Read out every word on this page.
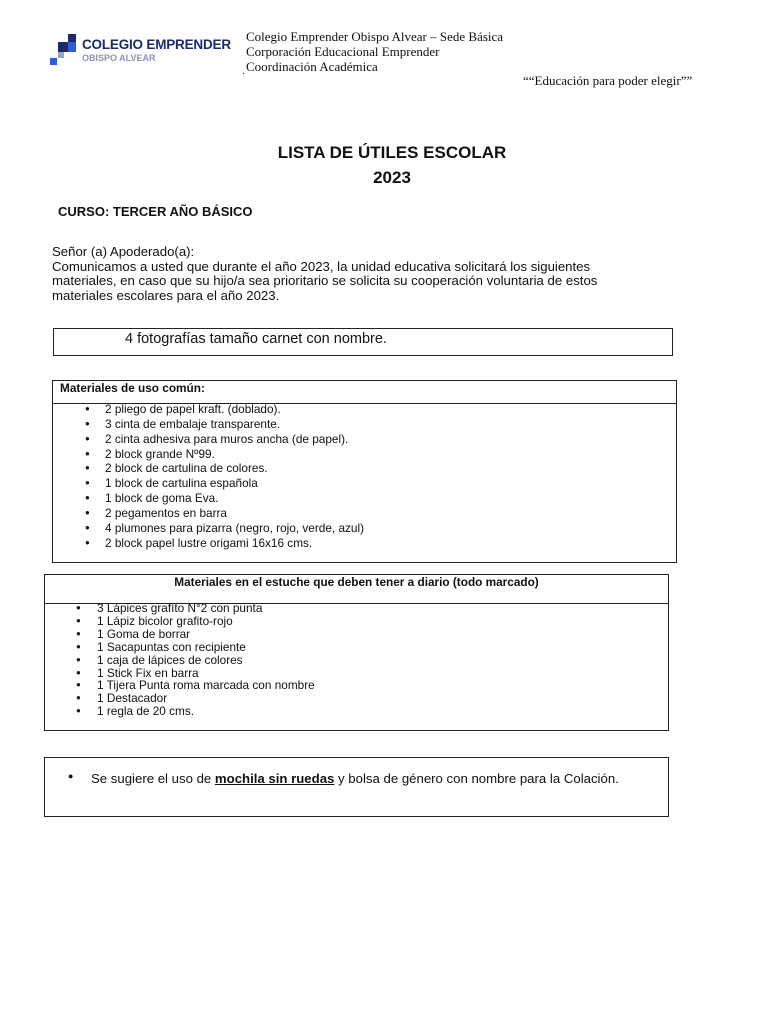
COLEGIO EMPRENDER
OBISPO ALVEAR
Colegio Emprender Obispo Alvear – Sede Básica
Corporación Educacional Emprender
Coordinación Académica
.
““Educación para poder elegir””
LISTA DE ÚTILES ESCOLAR
2023
CURSO: TERCER AÑO BÁSICO
Señor (a) Apoderado(a):
Comunicamos a usted que durante el año 2023, la unidad educativa solicitará los siguientes
materiales, en caso que su hijo/a sea prioritario se solicita su cooperación voluntaria de estos
materiales escolares para el año 2023.
4 fotografías tamaño carnet con nombre.
Materiales de uso común:
● 2 pliego de papel kraft. (doblado).
● 3 cinta de embalaje transparente.
● 2 cinta adhesiva para muros ancha (de papel).
● 2 block grande Nº99.
● 2 block de cartulina de colores.
● 1 block de cartulina española
● 1 block de goma Eva.
● 2 pegamentos en barra
● 4 plumones para pizarra (negro, rojo, verde, azul)
● 2 block papel lustre origami 16x16 cms.
Materiales en el estuche que deben tener a diario (todo marcado)
● 3 Lápices grafíto N°2 con punta
● 1 Lápiz bicolor grafito-rojo
● 1 Goma de borrar
● 1 Sacapuntas con recipiente
● 1 caja de lápices de colores
● 1 Stick Fix en barra
● 1 Tijera Punta roma marcada con nombre
● 1 Destacador
● 1 regla de 20 cms.
● Se sugiere el uso de mochila sin ruedas y bolsa de género con nombre para la Colación.
